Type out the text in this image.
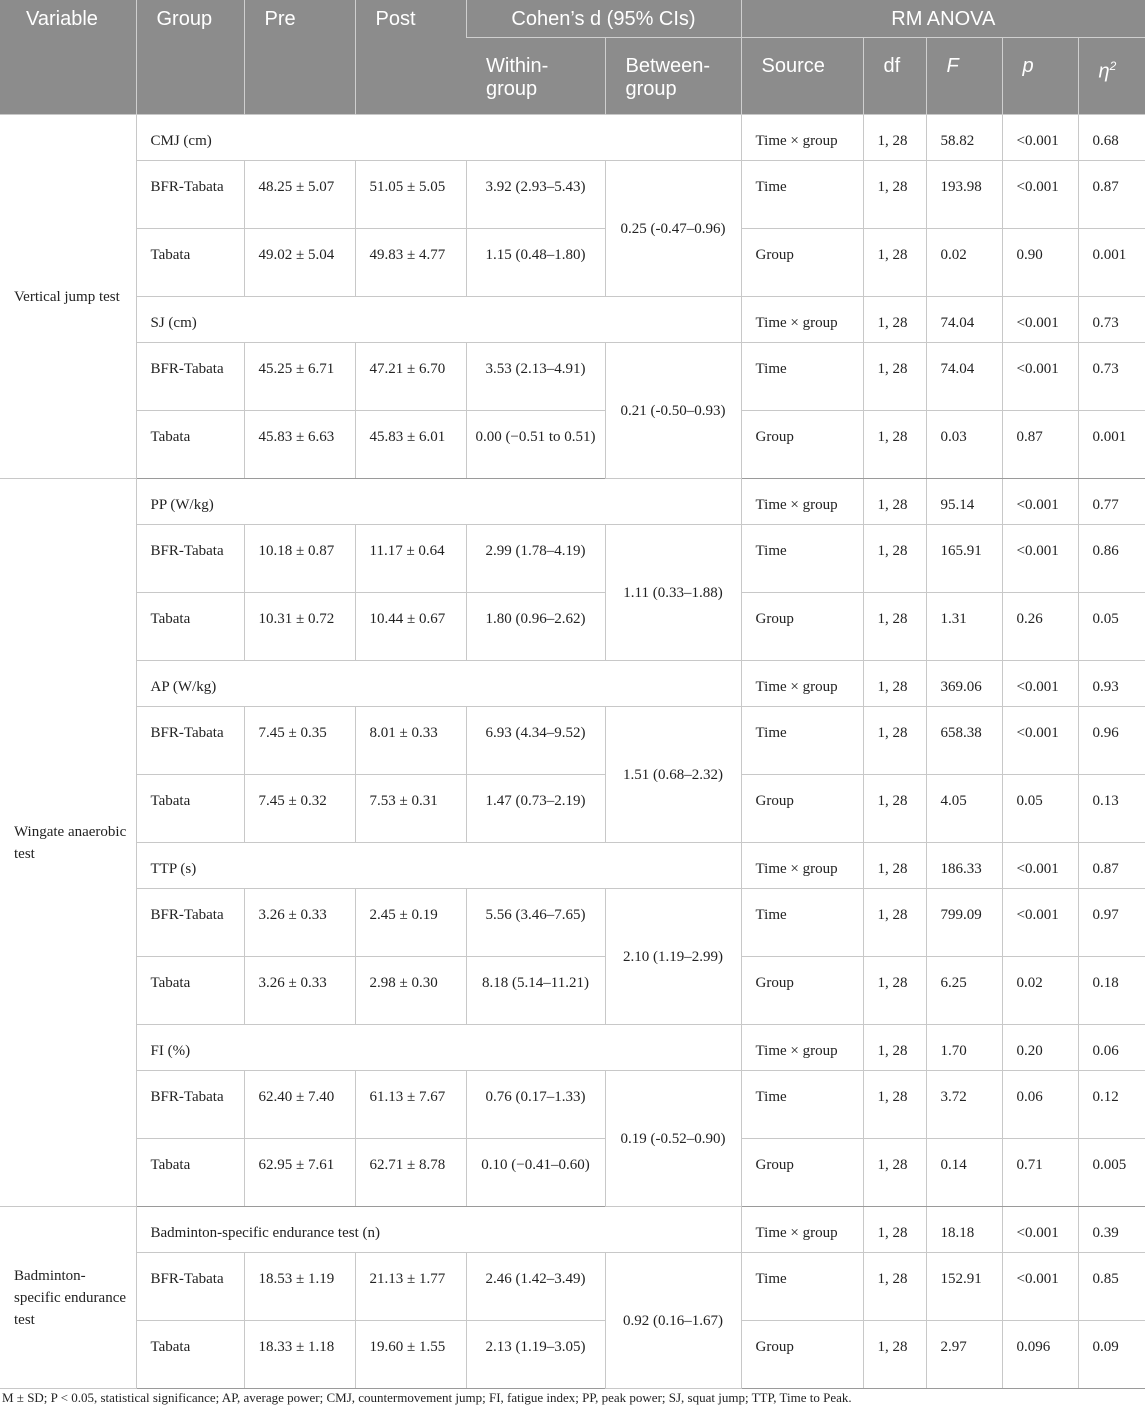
Variable	Group	Pre	Post	Cohen’s d (95% CIs)		RM ANOVA				
				Within-group	Between-group	Source	df	F	p	$\eta^2$
Vertical jump test	CMJ (cm)					Time × group	1, 28	58.82	<0.001	0.68
	BFR-Tabata	48.25 ± 5.07	51.05 ± 5.05	3.92 (2.93–5.43)	0.25 (-0.47–0.96)	Time	1, 28	193.98	<0.001	0.87
	Tabata	49.02 ± 5.04	49.83 ± 4.77	1.15 (0.48–1.80)		Group	1, 28	0.02	0.90	0.001
	SJ (cm)					Time × group	1, 28	74.04	<0.001	0.73
	BFR-Tabata	45.25 ± 6.71	47.21 ± 6.70	3.53 (2.13–4.91)	0.21 (-0.50–0.93)	Time	1, 28	74.04	<0.001	0.73
	Tabata	45.83 ± 6.63	45.83 ± 6.01	0.00 (−0.51 to 0.51)		Group	1, 28	0.03	0.87	0.001
Wingate anaerobic test	PP (W/kg)					Time × group	1, 28	95.14	<0.001	0.77
	BFR-Tabata	10.18 ± 0.87	11.17 ± 0.64	2.99 (1.78–4.19)	1.11 (0.33–1.88)	Time	1, 28	165.91	<0.001	0.86
	Tabata	10.31 ± 0.72	10.44 ± 0.67	1.80 (0.96–2.62)		Group	1, 28	1.31	0.26	0.05
	AP (W/kg)					Time × group	1, 28	369.06	<0.001	0.93
	BFR-Tabata	7.45 ± 0.35	8.01 ± 0.33	6.93 (4.34–9.52)	1.51 (0.68–2.32)	Time	1, 28	658.38	<0.001	0.96
	Tabata	7.45 ± 0.32	7.53 ± 0.31	1.47 (0.73–2.19)		Group	1, 28	4.05	0.05	0.13
	TTP (s)					Time × group	1, 28	186.33	<0.001	0.87
	BFR-Tabata	3.26 ± 0.33	2.45 ± 0.19	5.56 (3.46–7.65)	2.10 (1.19–2.99)	Time	1, 28	799.09	<0.001	0.97
	Tabata	3.26 ± 0.33	2.98 ± 0.30	8.18 (5.14–11.21)		Group	1, 28	6.25	0.02	0.18
	FI (%)					Time × group	1, 28	1.70	0.20	0.06
	BFR-Tabata	62.40 ± 7.40	61.13 ± 7.67	0.76 (0.17–1.33)	0.19 (-0.52–0.90)	Time	1, 28	3.72	0.06	0.12
	Tabata	62.95 ± 7.61	62.71 ± 8.78	0.10 (−0.41–0.60)		Group	1, 28	0.14	0.71	0.005
Badminton-specific endurance test	Badminton-specific endurance test (n)					Time × group	1, 28	18.18	<0.001	0.39
	BFR-Tabata	18.53 ± 1.19	21.13 ± 1.77	2.46 (1.42–3.49)	0.92 (0.16–1.67)	Time	1, 28	152.91	<0.001	0.85
	Tabata	18.33 ± 1.18	19.60 ± 1.55	2.13 (1.19–3.05)		Group	1, 28	2.97	0.096	0.09
M ± SD; P < 0.05, statistical significance; AP, average power; CMJ, countermovement jump; FI, fatigue index; PP, peak power; SJ, squat jump; TTP, Time to Peak.
